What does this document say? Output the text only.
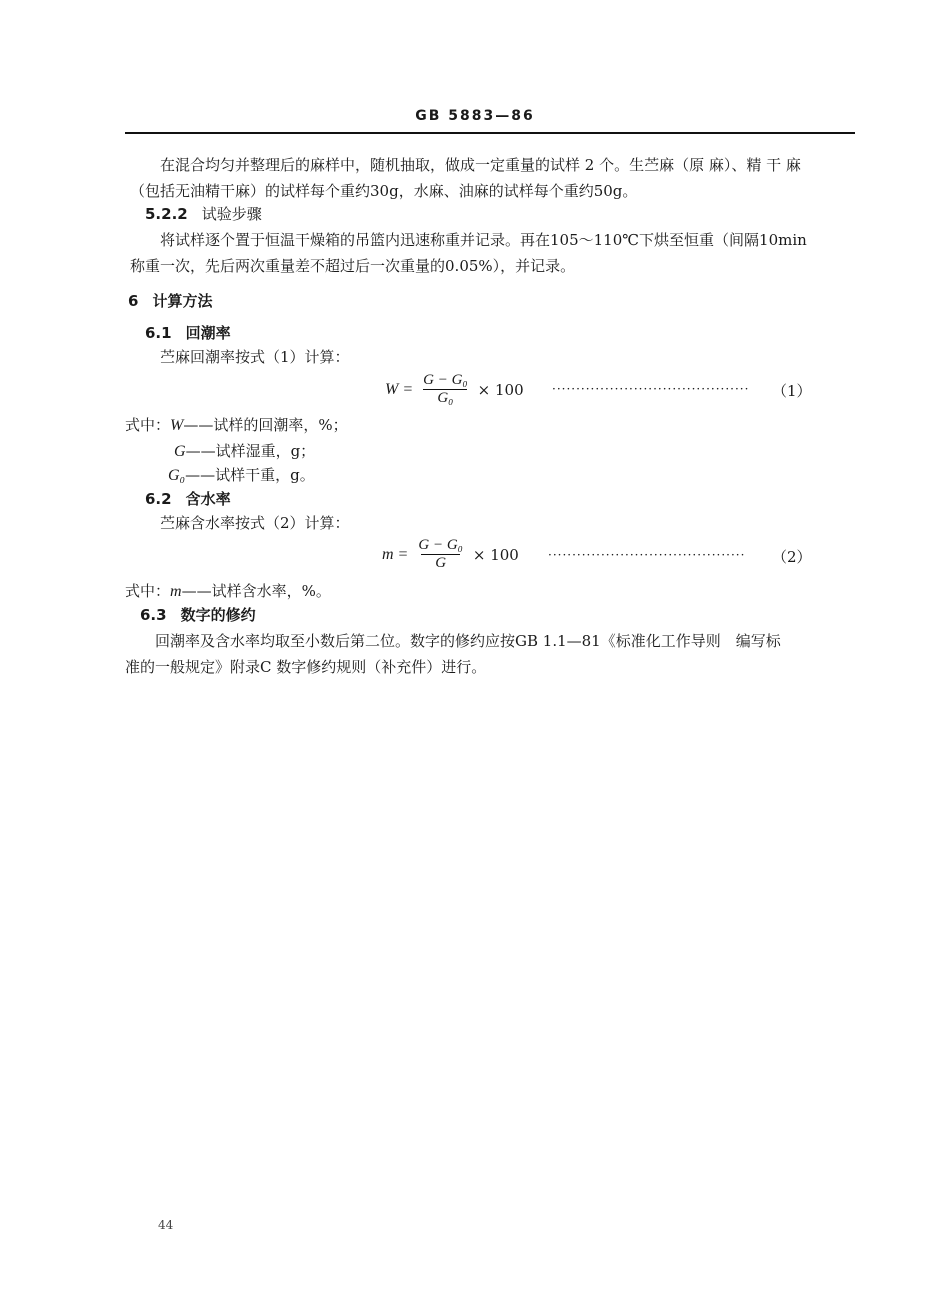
GB 5883—86
在混合均匀并整理后的麻样中，随机抽取，做成一定重量的试样 2 个。生苎麻（原 麻）、精 干 麻
（包括无油精干麻）的试样每个重约30g，水麻、油麻的试样每个重约50g。
5.2.2 试验步骤
将试样逐个置于恒温干燥箱的吊篮内迅速称重并记录。再在105～110℃下烘至恒重（间隔10min
称重一次，先后两次重量差不超过后一次重量的0.05%），并记录。
6 计算方法
6.1 回潮率
苎麻回潮率按式（1）计算：
$W = \frac{\text{G − G₀}}{\text{G₀}} \times 100$ ········································· （1）
式中：W——试样的回潮率，%；
G——试样湿重，g；
G₀——试样干重，g。
6.2 含水率
苎麻含水率按式（2）计算：
$m = \frac{\text{G − G₀}}{G} \times 100$ ········································· （2）
式中：m——试样含水率，%。
6.3 数字的修约
回潮率及含水率均取至小数后第二位。数字的修约应按GB 1.1—81《标准化工作导则　编写标
准的一般规定》附录C 数字修约规则（补充件）进行。
44
